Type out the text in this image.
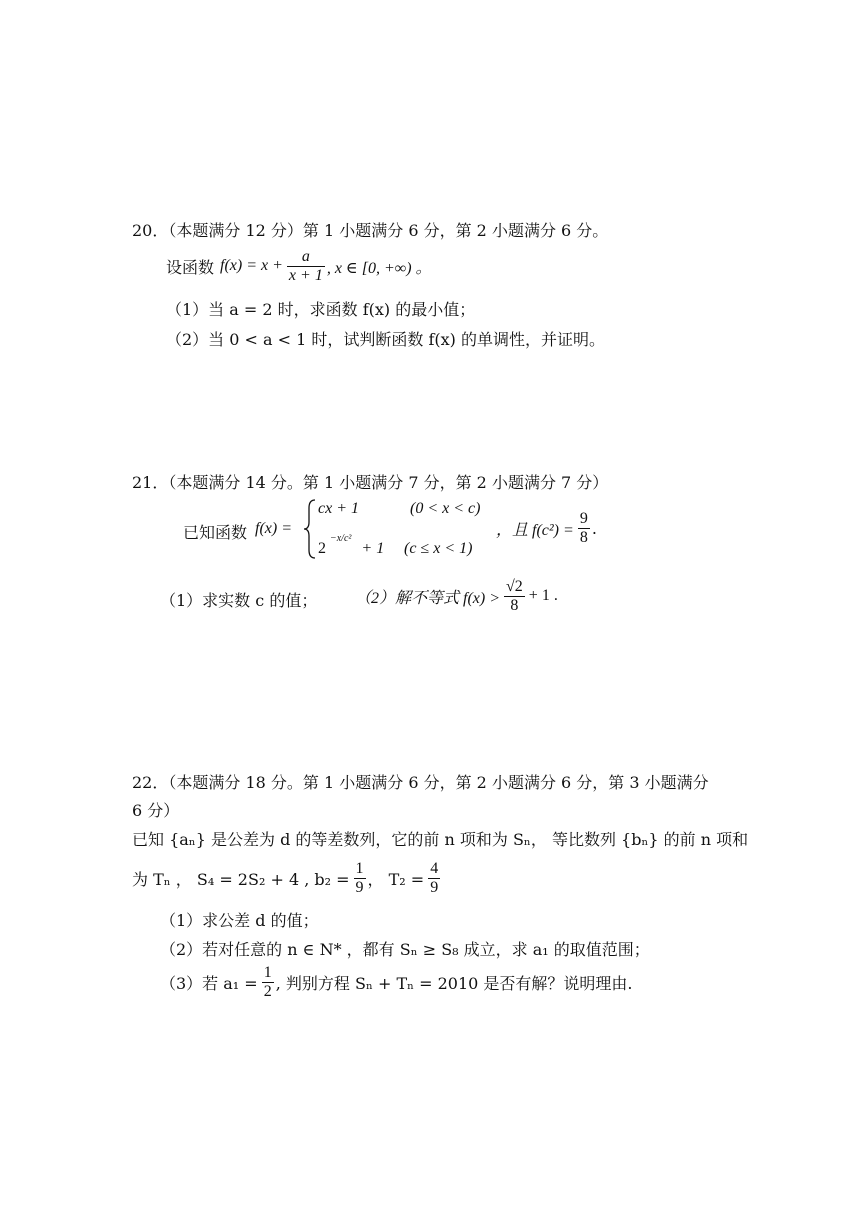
20．（本题满分 12 分）第 1 小题满分 6 分，第 2 小题满分 6 分。
设函数 $f(x) = x + \frac{a}{x + 1}$ , x ∈ [0, +∞) 。
（1）当 a = 2 时，求函数 f(x) 的最小值；
（2）当 0 < a < 1 时，试判断函数 f(x) 的单调性，并证明。
21．（本题满分 14 分。第 1 小题满分 7 分，第 2 小题满分 7 分）
已知函数 f(x) =
cx + 1	(0 < x < c)
2 $^{-x/c^2}$ + 1 (c ≤ x < 1)
，且 $f(c^2) = \frac{9}{8}$ .
（1）求实数 c 的值； （2）解不等式 $f(x) > \frac{√2}{8} + 1$ .
22．（本题满分 18 分。第 1 小题满分 6 分，第 2 小题满分 6 分，第 3 小题满分
6 分）
已知 {aₙ} 是公差为 d 的等差数列，它的前 n 项和为 Sₙ， 等比数列 {bₙ} 的前 n 项和
为 Tₙ ， S₄ = 2S₂ + 4 , $b_2 = \frac{1}{9}$ ， $T_2 = \frac{4}{9}$
（1）求公差 d 的值；
（2）若对任意的 n ∈ N* ，都有 Sₙ ≥ S₈ 成立，求 a₁ 的取值范围；
（3）若 $a_1 = \frac{1}{2}$ , 判别方程 Sₙ + Tₙ = 2010 是否有解？说明理由.
